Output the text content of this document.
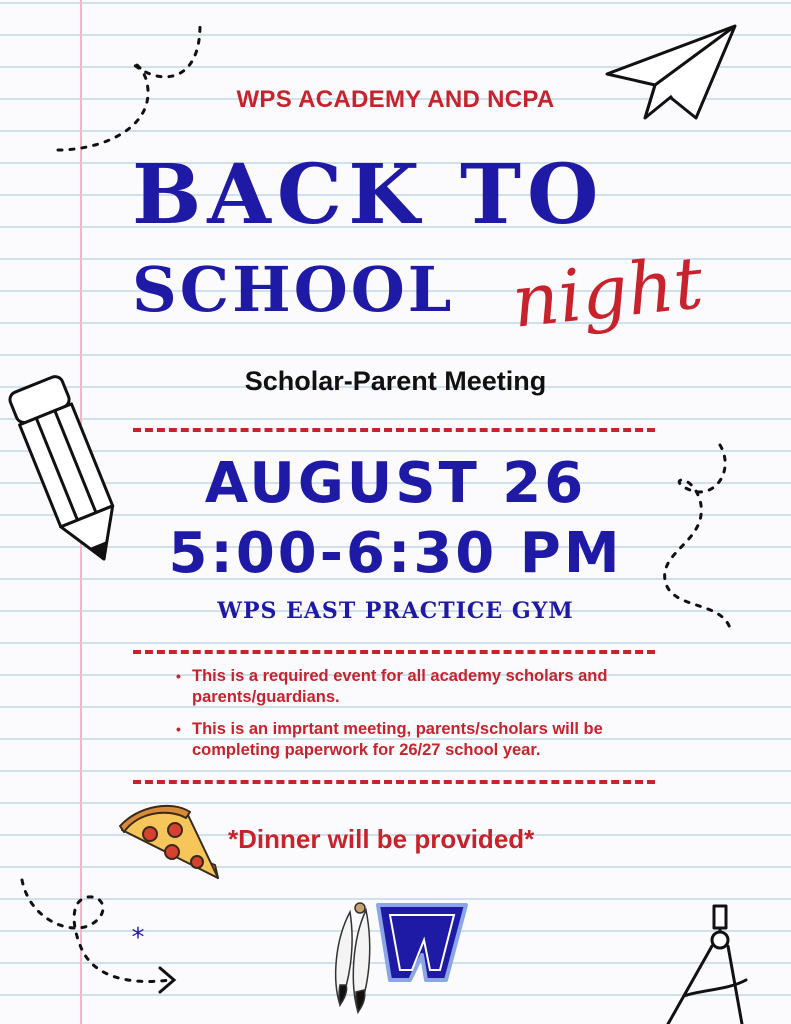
*

WPS ACADEMY AND NCPA

BACK TO

SCHOOL night

Scholar-Parent Meeting

AUGUST 26

5:00-6:30 PM

WPS EAST PRACTICE GYM

• This is a required event for all academy scholars and parents/guardians.
• This is an imprtant meeting, parents/scholars will be completing paperwork for 26/27 school year.

*Dinner will be provided*
